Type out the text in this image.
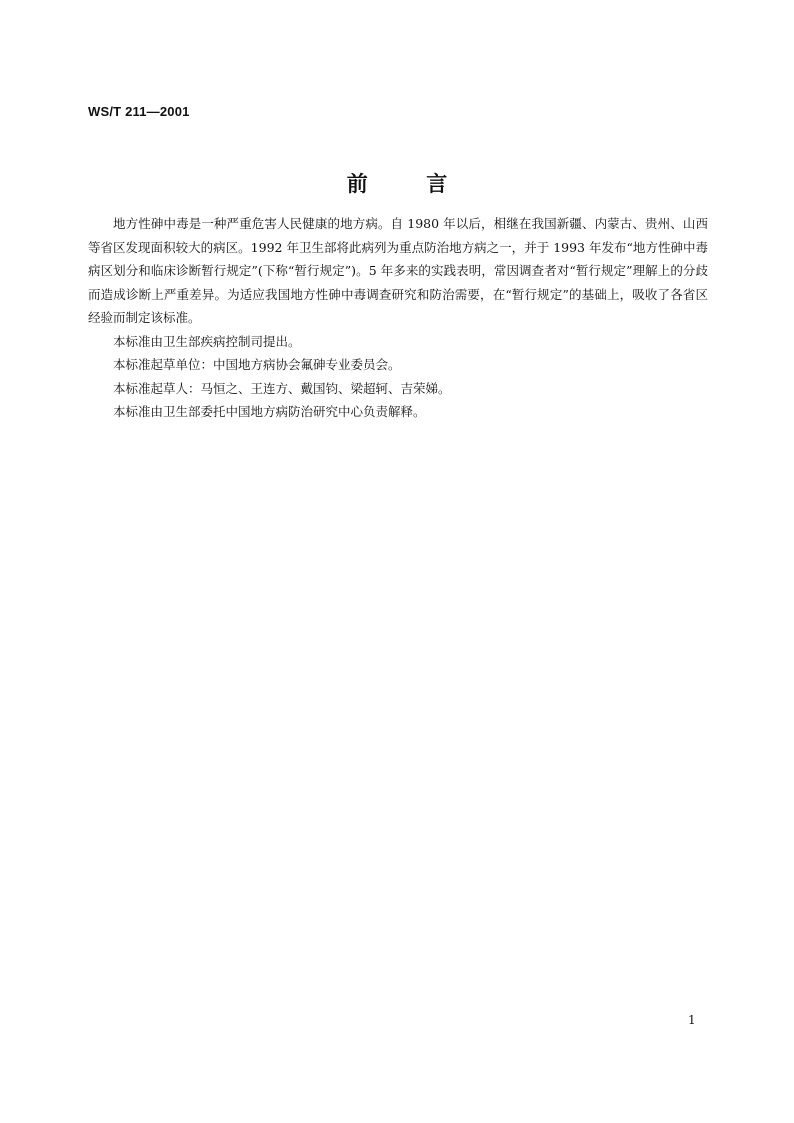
WS/T 211—2001
前        言

地方性砷中毒是一种严重危害人民健康的地方病。自 1980 年以后，相继在我国新疆、内蒙古、贵州、山西等省区发现面积较大的病区。1992 年卫生部将此病列为重点防治地方病之一，并于 1993 年发布“地方性砷中毒病区划分和临床诊断暂行规定”(下称“暂行规定”)。5 年多来的实践表明，常因调查者对“暂行规定”理解上的分歧而造成诊断上严重差异。为适应我国地方性砷中毒调查研究和防治需要，在“暂行规定”的基础上，吸收了各省区经验而制定该标准。

本标准由卫生部疾病控制司提出。

本标准起草单位：中国地方病协会氟砷专业委员会。

本标准起草人：马恒之、王连方、戴国钧、梁超轲、吉荣娣。

本标准由卫生部委托中国地方病防治研究中心负责解释。

1
